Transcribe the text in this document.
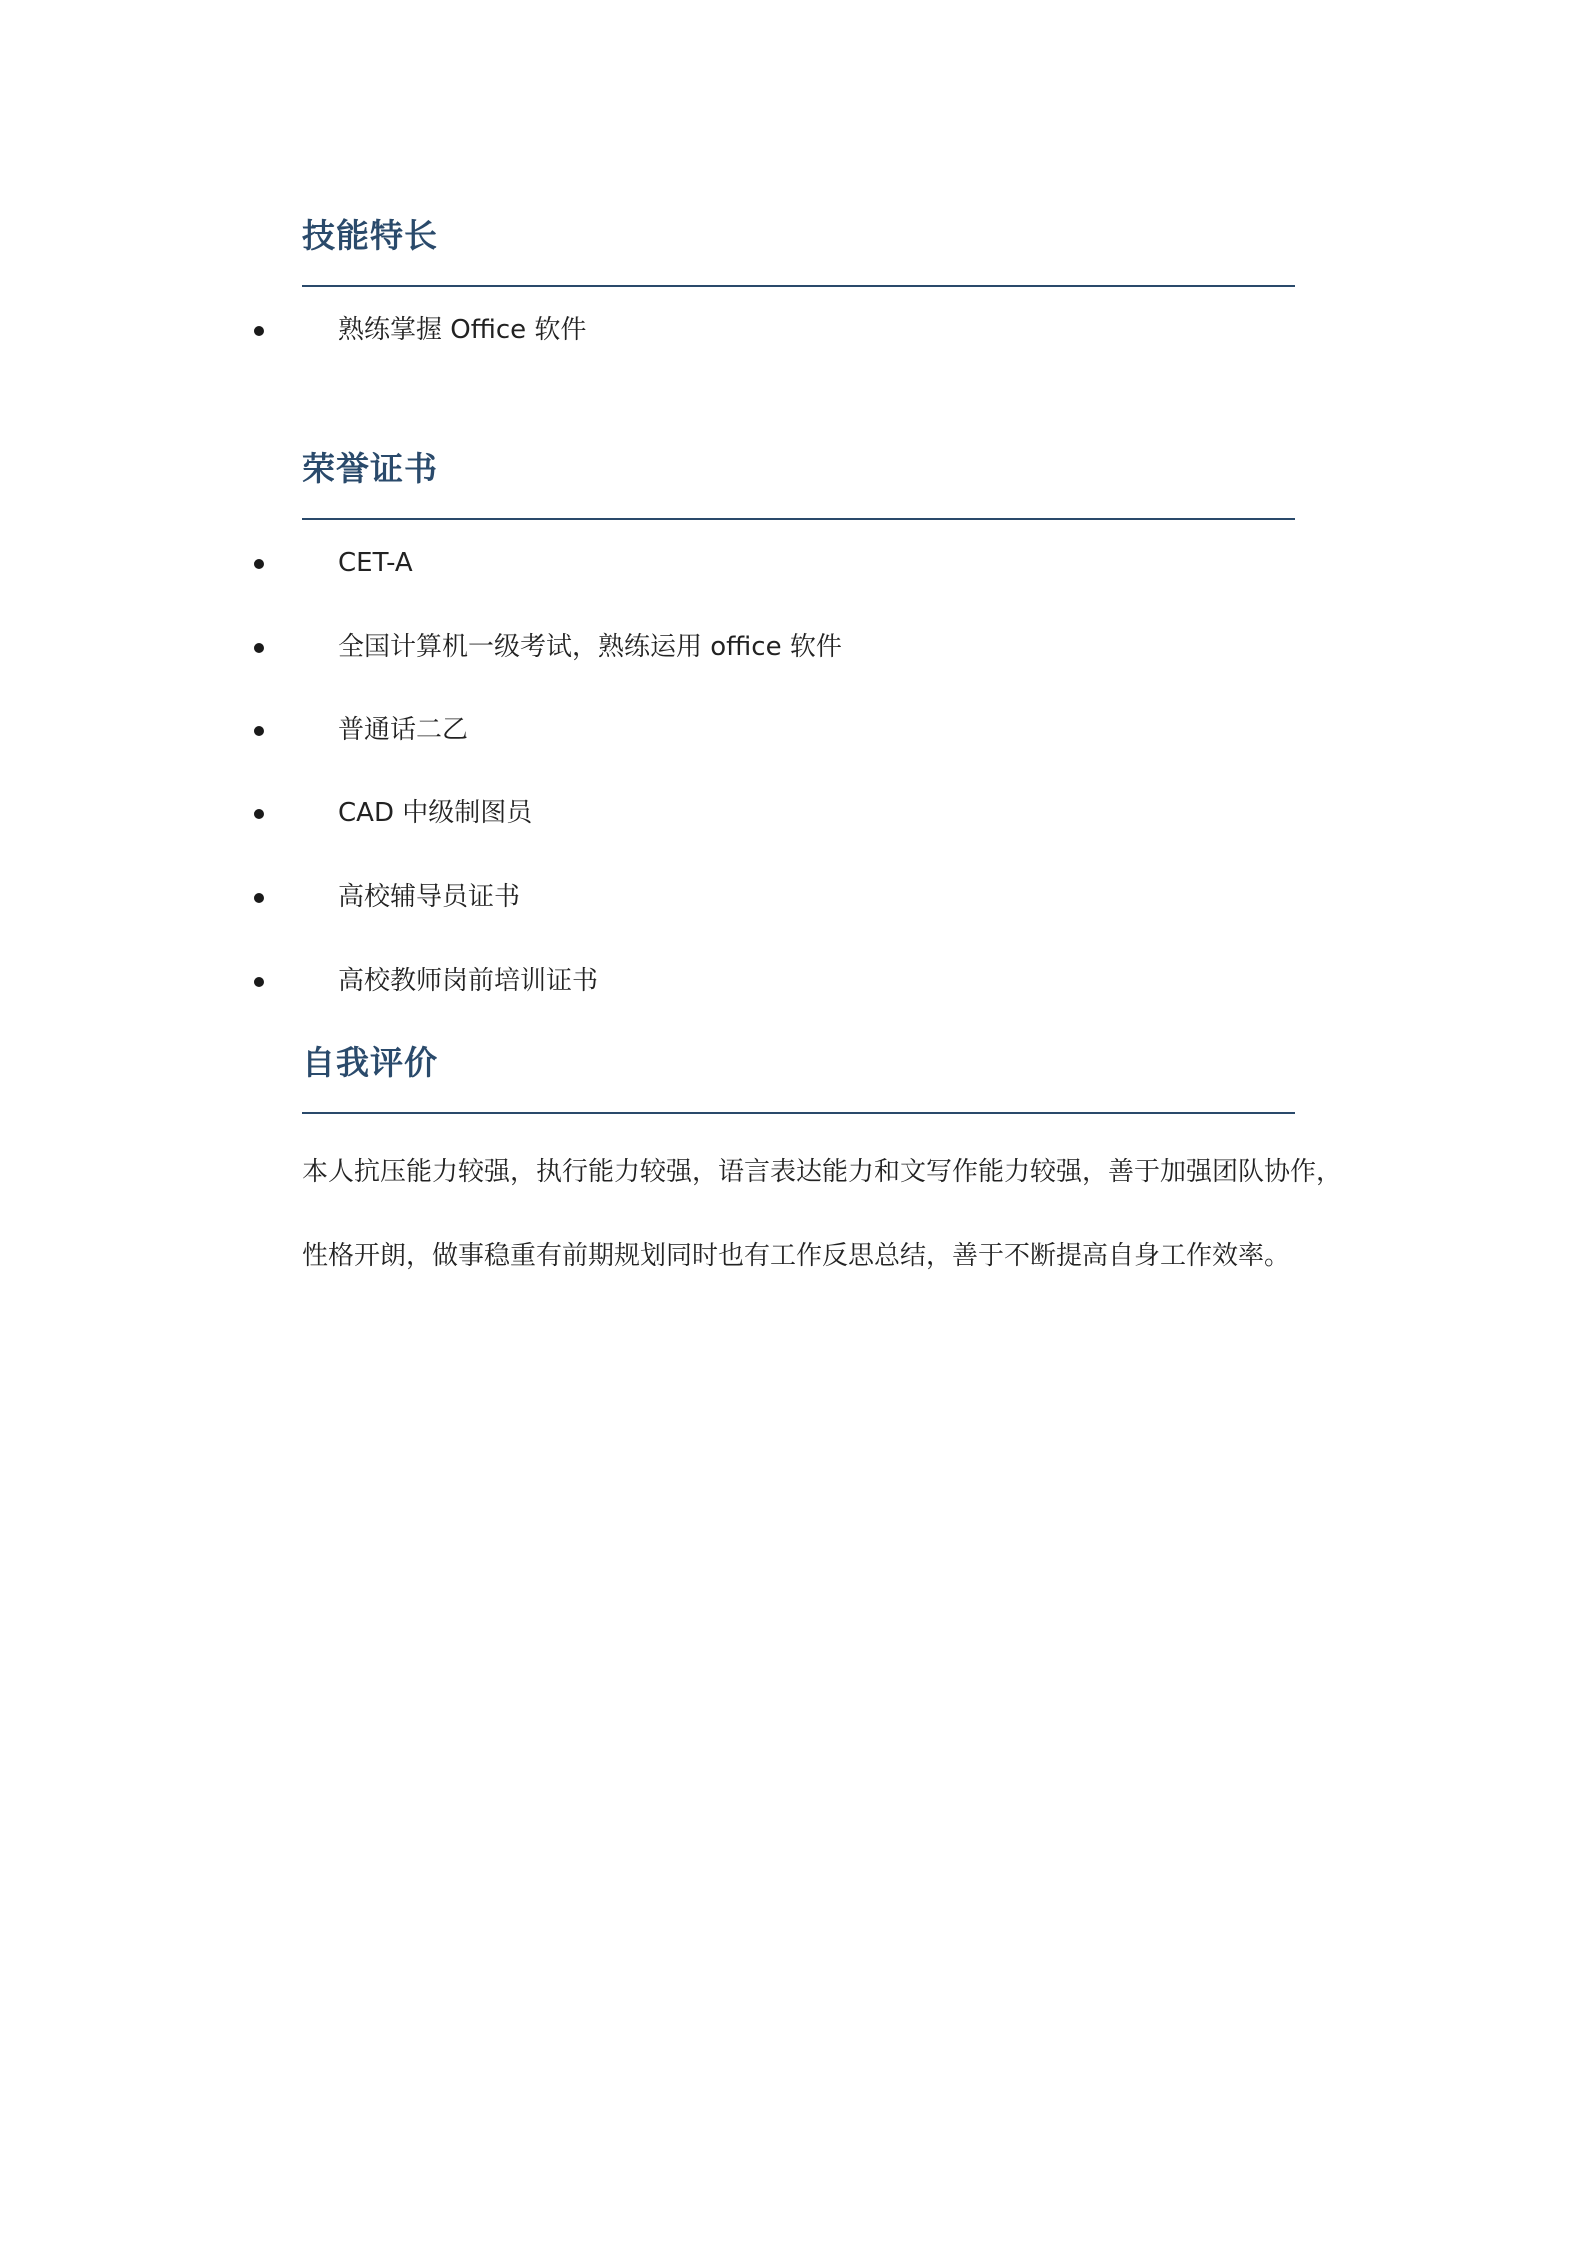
技能特长
熟练掌握 Office 软件
荣誉证书
CET-A
全国计算机一级考试，熟练运用 office 软件
普通话二乙
CAD 中级制图员
高校辅导员证书
高校教师岗前培训证书
自我评价

本人抗压能力较强，执行能力较强，语言表达能力和文写作能力较强，善于加强团队协作，

性格开朗，做事稳重有前期规划同时也有工作反思总结，善于不断提高自身工作效率。
